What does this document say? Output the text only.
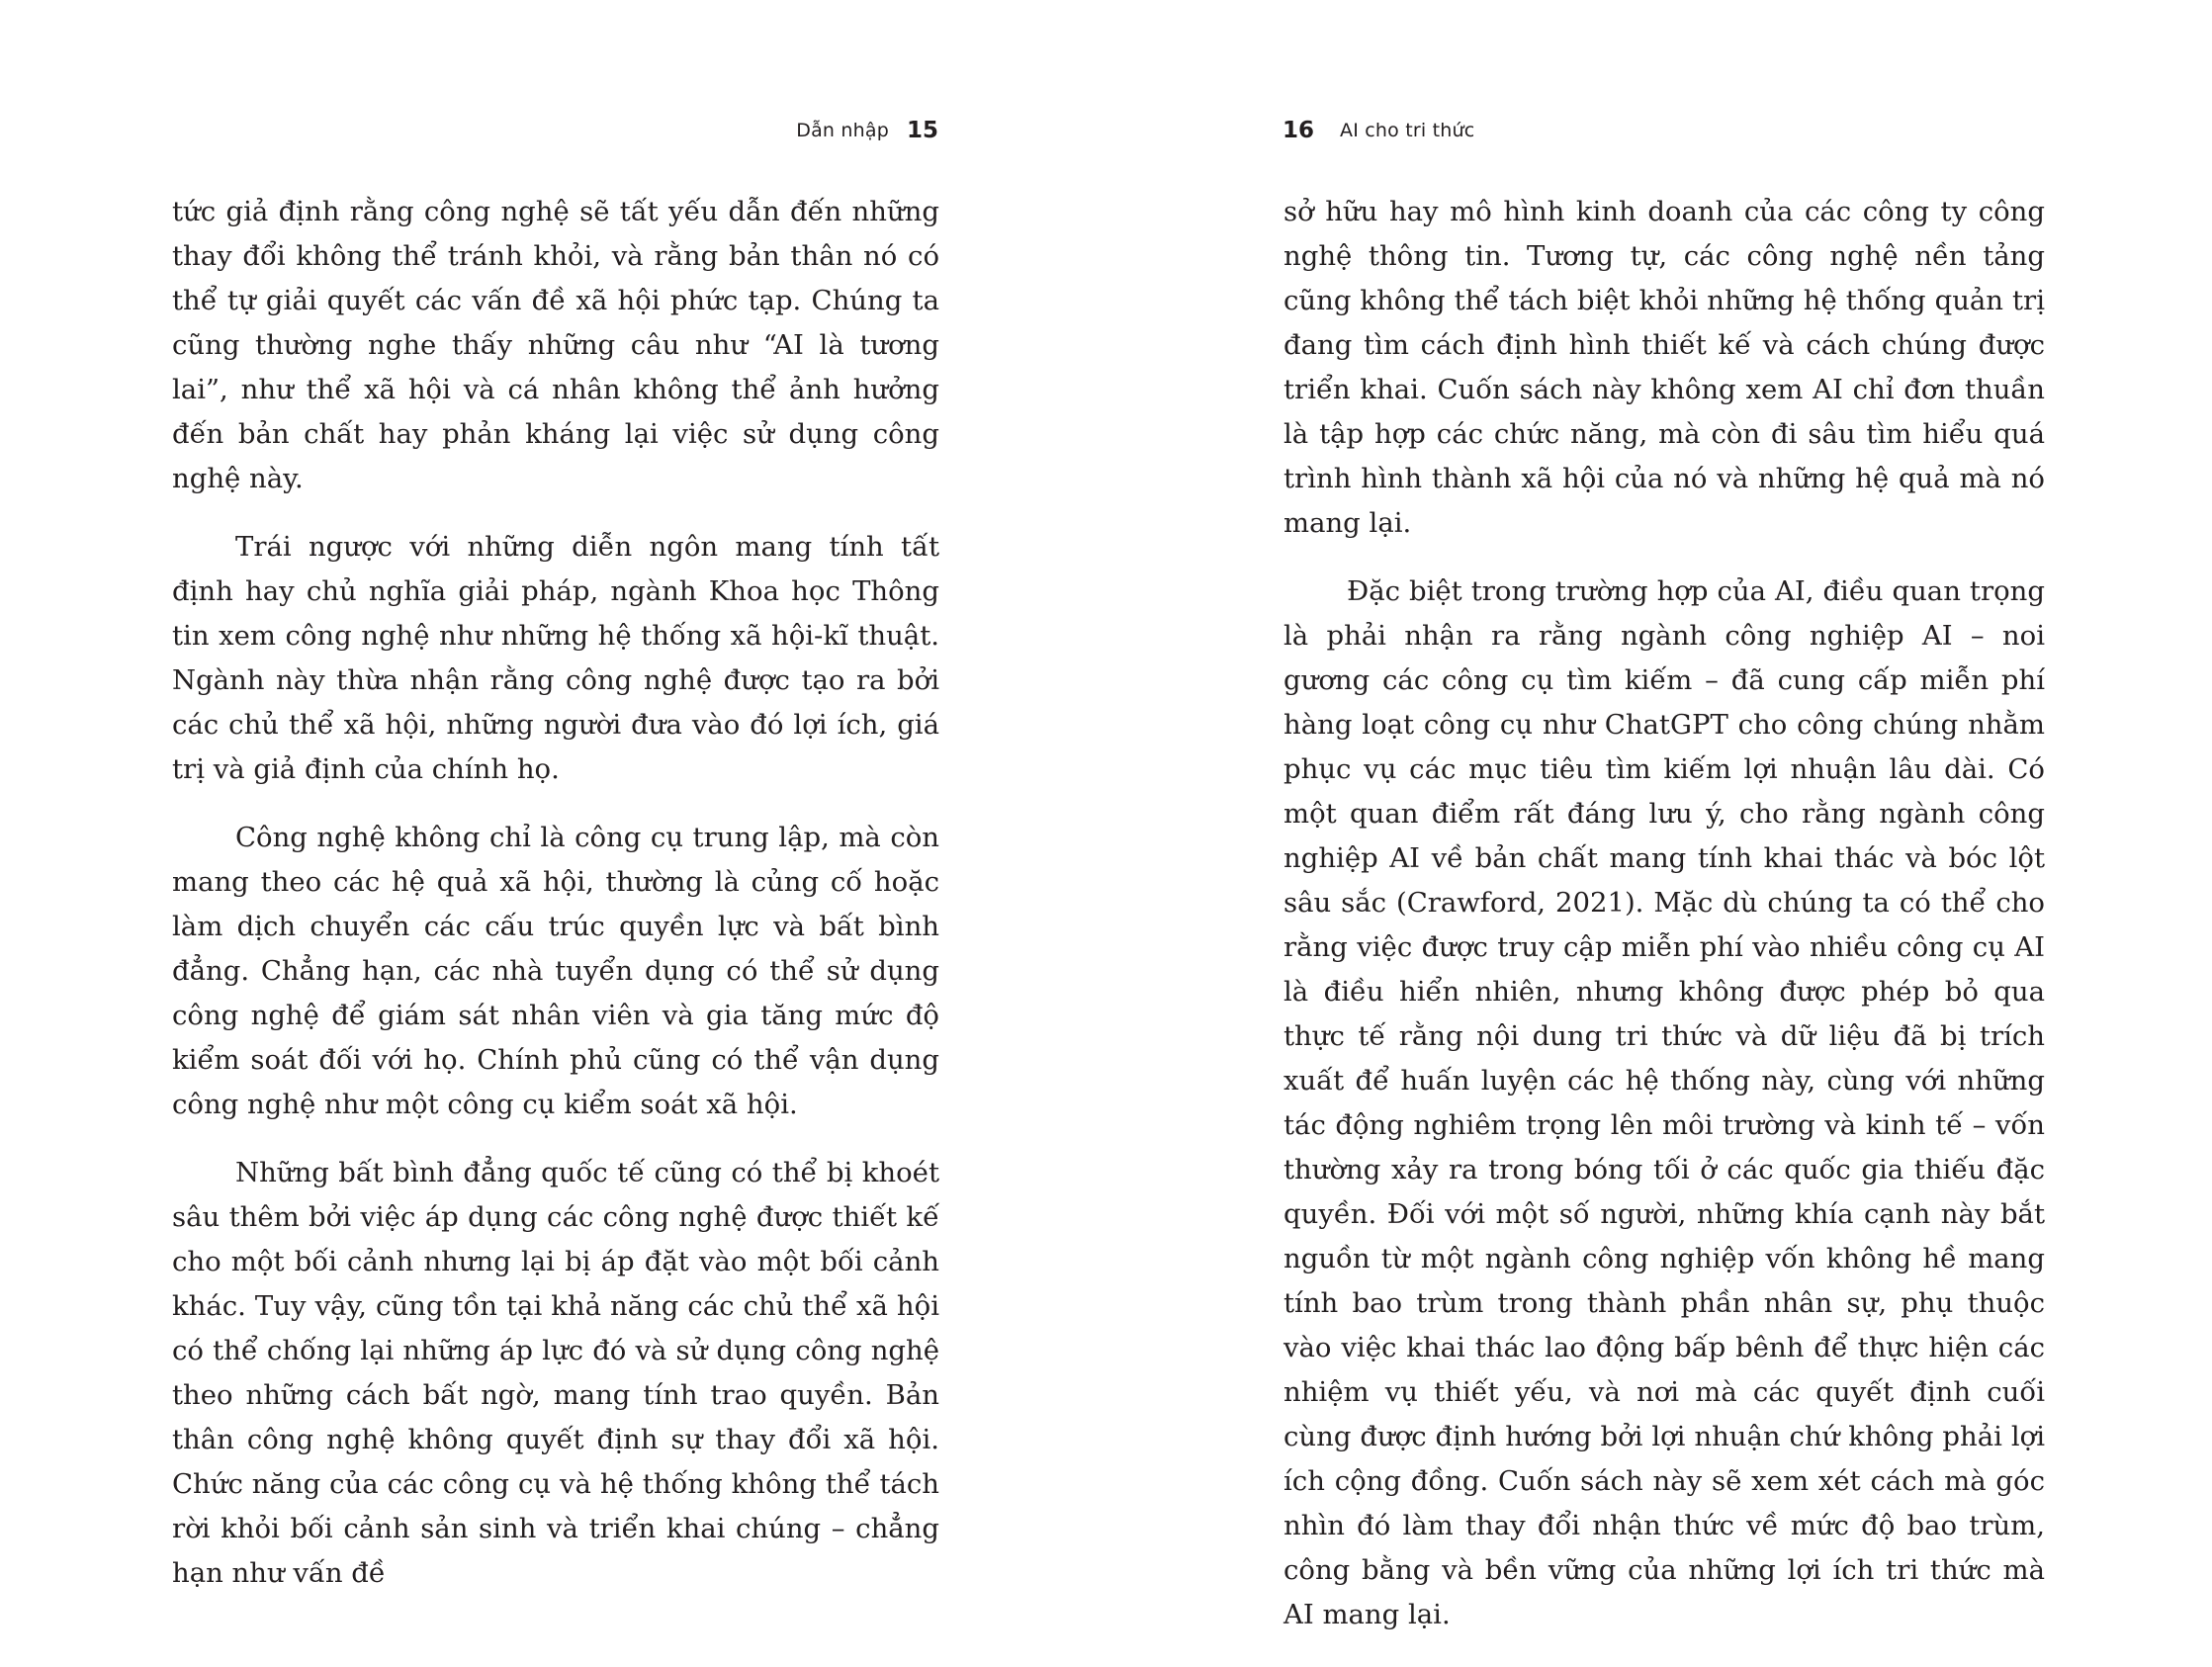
Dẫn nhập 15

tức giả định rằng công nghệ sẽ tất yếu dẫn đến những thay đổi không thể tránh khỏi, và rằng bản thân nó có thể tự giải quyết các vấn đề xã hội phức tạp. Chúng ta cũng thường nghe thấy những câu như “AI là tương lai”, như thể xã hội và cá nhân không thể ảnh hưởng đến bản chất hay phản kháng lại việc sử dụng công nghệ này.

Trái ngược với những diễn ngôn mang tính tất định hay chủ nghĩa giải pháp, ngành Khoa học Thông tin xem công nghệ như những hệ thống xã hội-kĩ thuật. Ngành này thừa nhận rằng công nghệ được tạo ra bởi các chủ thể xã hội, những người đưa vào đó lợi ích, giá trị và giả định của chính họ.

Công nghệ không chỉ là công cụ trung lập, mà còn mang theo các hệ quả xã hội, thường là củng cố hoặc làm dịch chuyển các cấu trúc quyền lực và bất bình đẳng. Chẳng hạn, các nhà tuyển dụng có thể sử dụng công nghệ để giám sát nhân viên và gia tăng mức độ kiểm soát đối với họ. Chính phủ cũng có thể vận dụng công nghệ như một công cụ kiểm soát xã hội.

Những bất bình đẳng quốc tế cũng có thể bị khoét sâu thêm bởi việc áp dụng các công nghệ được thiết kế cho một bối cảnh nhưng lại bị áp đặt vào một bối cảnh khác. Tuy vậy, cũng tồn tại khả năng các chủ thể xã hội có thể chống lại những áp lực đó và sử dụng công nghệ theo những cách bất ngờ, mang tính trao quyền. Bản thân công nghệ không quyết định sự thay đổi xã hội. Chức năng của các công cụ và hệ thống không thể tách rời khỏi bối cảnh sản sinh và triển khai chúng – chẳng hạn như vấn đề

16 AI cho tri thức

sở hữu hay mô hình kinh doanh của các công ty công nghệ thông tin. Tương tự, các công nghệ nền tảng cũng không thể tách biệt khỏi những hệ thống quản trị đang tìm cách định hình thiết kế và cách chúng được triển khai. Cuốn sách này không xem AI chỉ đơn thuần là tập hợp các chức năng, mà còn đi sâu tìm hiểu quá trình hình thành xã hội của nó và những hệ quả mà nó mang lại.

Đặc biệt trong trường hợp của AI, điều quan trọng là phải nhận ra rằng ngành công nghiệp AI – noi gương các công cụ tìm kiếm – đã cung cấp miễn phí hàng loạt công cụ như ChatGPT cho công chúng nhằm phục vụ các mục tiêu tìm kiếm lợi nhuận lâu dài. Có một quan điểm rất đáng lưu ý, cho rằng ngành công nghiệp AI về bản chất mang tính khai thác và bóc lột sâu sắc (Crawford, 2021). Mặc dù chúng ta có thể cho rằng việc được truy cập miễn phí vào nhiều công cụ AI là điều hiển nhiên, nhưng không được phép bỏ qua thực tế rằng nội dung tri thức và dữ liệu đã bị trích xuất để huấn luyện các hệ thống này, cùng với những tác động nghiêm trọng lên môi trường và kinh tế – vốn thường xảy ra trong bóng tối ở các quốc gia thiếu đặc quyền. Đối với một số người, những khía cạnh này bắt nguồn từ một ngành công nghiệp vốn không hề mang tính bao trùm trong thành phần nhân sự, phụ thuộc vào việc khai thác lao động bấp bênh để thực hiện các nhiệm vụ thiết yếu, và nơi mà các quyết định cuối cùng được định hướng bởi lợi nhuận chứ không phải lợi ích cộng đồng. Cuốn sách này sẽ xem xét cách mà góc nhìn đó làm thay đổi nhận thức về mức độ bao trùm, công bằng và bền vững của những lợi ích tri thức mà AI mang lại.
